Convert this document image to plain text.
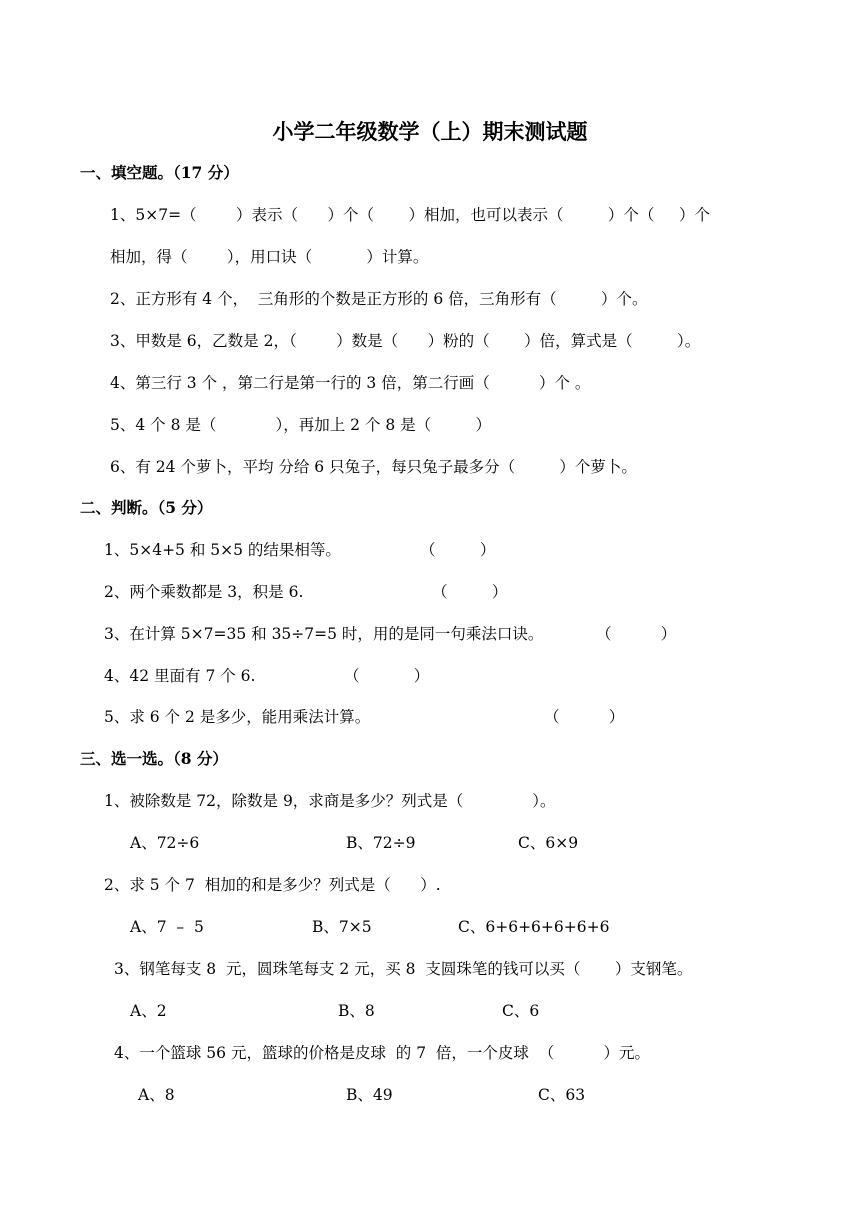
小学二年级数学（上）期末测试题
一、填空题。（17 分）
1、5×7=（        ）表示（      ）个（       ）相加，也可以表示（         ）个（     ）个
相加，得（        ），用口诀（           ）计算。
2、正方形有 4 个，  三角形的个数是正方形的 6 倍，三角形有（         ）个。
3、甲数是 6，乙数是 2，（        ）数是（      ）粉的（       ）倍，算式是（         ）。
4、第三行 3 个 ，第二行是第一行的 3 倍，第二行画（          ）个 。
5、4 个 8 是（            ），再加上 2 个 8 是（         ）
6、有 24 个萝卜，平均 分给 6 只兔子，每只兔子最多分（         ）个萝卜。
二、判断。（5 分）
1、5×4+5 和 5×5 的结果相等。	（         ）
2、两个乘数都是 3，积是 6.	（         ）
3、在计算 5×7=35 和 35÷7=5 时，用的是同一句乘法口诀。	（          ）
4、42 里面有 7 个 6.	（           ）
5、求 6 个 2 是多少，能用乘法计算。	（          ）
三、选一选。（8 分）
1、被除数是 72，除数是 9，求商是多少？列式是（              ）。
A、72÷6	B、72÷9	C、6×9
2、求 5 个 7  相加的和是多少？列式是（      ）.
A、7  –  5	B、7×5	C、6+6+6+6+6+6
3、钢笔每支 8  元，圆珠笔每支 2 元，买 8  支圆珠笔的钱可以买（       ）支钢笔。
A、2	B、8	C、6
4、一个篮球 56 元，篮球的价格是皮球  的 7  倍，一个皮球  （          ）元。
A、8	B、49	C、63
